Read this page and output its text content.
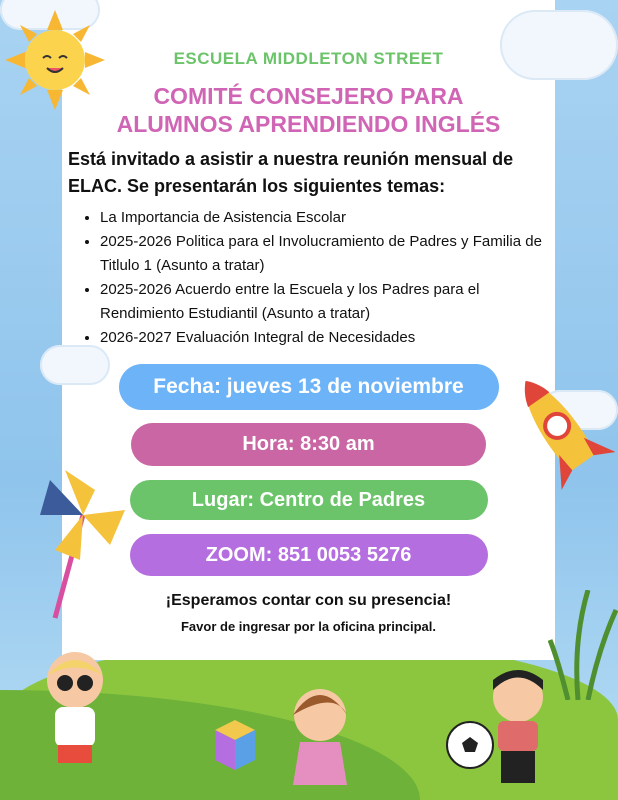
ESCUELA MIDDLETON STREET
COMITÉ CONSEJERO PARA
ALUMNOS APRENDIENDO INGLÉS
Está invitado a asistir a nuestra reunión mensual de ELAC. Se presentarán los siguientes temas:
• La Importancia de Asistencia Escolar
• 2025-2026 Politica para el Involucramiento de Padres y Familia de Titlulo 1 (Asunto a tratar)
• 2025-2026 Acuerdo entre la Escuela y los Padres para el Rendimiento Estudiantil (Asunto a tratar)
• 2026-2027 Evaluación Integral de Necesidades
Fecha: jueves 13 de noviembre
Hora: 8:30 am
Lugar: Centro de Padres
ZOOM: 851 0053 5276
¡Esperamos contar con su presencia!
Favor de ingresar por la oficina principal.
